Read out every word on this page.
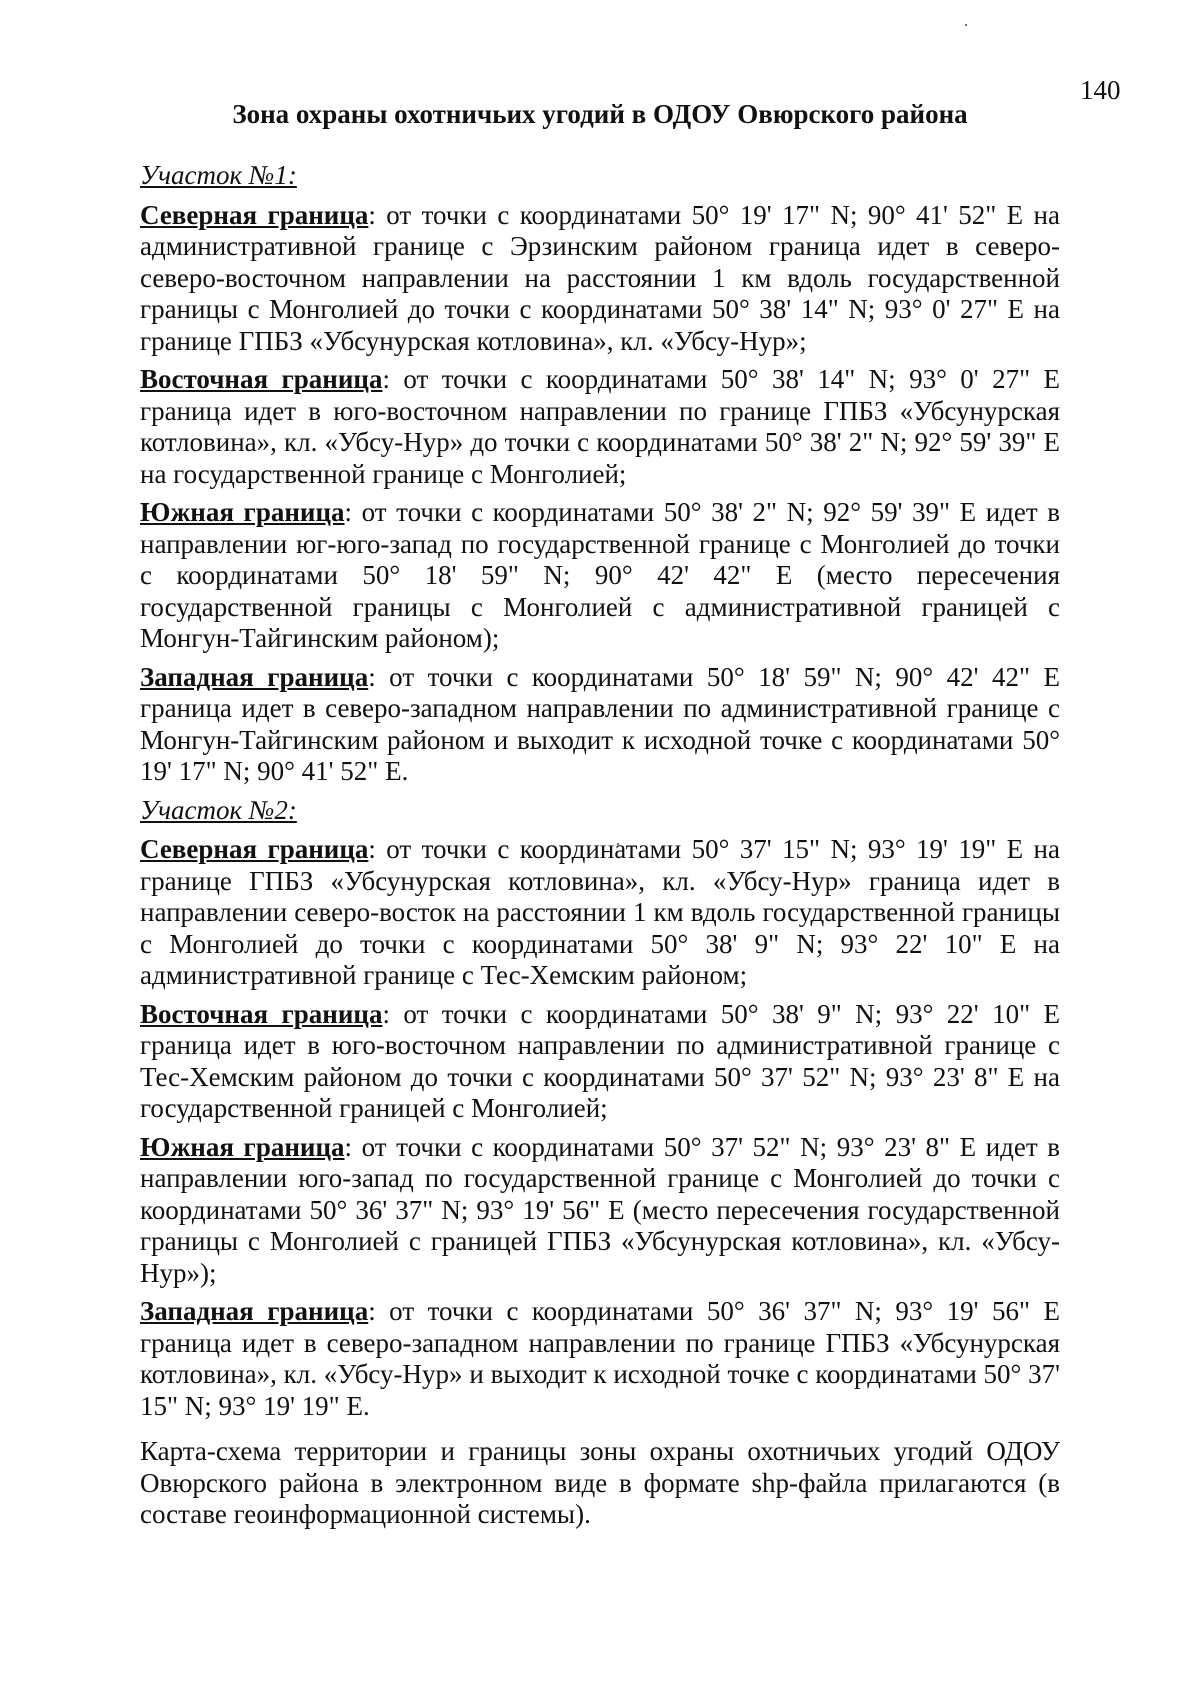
140
Зона охраны охотничьих угодий в ОДОУ Овюрского района

Участок №1:

Северная граница: от точки с координатами 50° 19' 17" N; 90° 41' 52" Е на административной границе с Эрзинским районом граница идет в северо-северо-восточном направлении на расстоянии 1 км вдоль государственной границы с Монголией до точки с координатами 50° 38' 14" N; 93° 0' 27" Е на границе ГПБЗ «Убсунурская котловина», кл. «Убсу-Нур»;

Восточная граница: от точки с координатами 50° 38' 14" N; 93° 0' 27" Е граница идет в юго-восточном направлении по границе ГПБЗ «Убсунурская котловина», кл. «Убсу-Нур» до точки с координатами 50° 38' 2" N; 92° 59' 39" Е на государственной границе с Монголией;

Южная граница: от точки с координатами 50° 38' 2" N; 92° 59' 39" Е идет в направлении юг-юго-запад по государственной границе с Монголией до точки с координатами 50° 18' 59" N; 90° 42' 42" Е (место пересечения государственной границы с Монголией с административной границей с Монгун-Тайгинским районом);

Западная граница: от точки с координатами 50° 18' 59" N; 90° 42' 42" Е граница идет в северо-западном направлении по административной границе с Монгун-Тайгинским районом и выходит к исходной точке с координатами 50° 19' 17" N; 90° 41' 52" Е.

Участок №2:

Северная граница: от точки с координатами 50° 37' 15" N; 93° 19' 19" Е на границе ГПБЗ «Убсунурская котловина», кл. «Убсу-Нур» граница идет в направлении северо-восток на расстоянии 1 км вдоль государственной границы с Монголией до точки с координатами 50° 38' 9" N; 93° 22' 10" Е на административной границе с Тес-Хемским районом;

Восточная граница: от точки с координатами 50° 38' 9" N; 93° 22' 10" Е граница идет в юго-восточном направлении по административной границе с Тес-Хемским районом до точки с координатами 50° 37' 52" N; 93° 23' 8" Е на государственной границей с Монголией;

Южная граница: от точки с координатами 50° 37' 52" N; 93° 23' 8" Е идет в направлении юго-запад по государственной границе с Монголией до точки с координатами 50° 36' 37" N; 93° 19' 56" Е (место пересечения государственной границы с Монголией с границей ГПБЗ «Убсунурская котловина», кл. «Убсу-Нур»);

Западная граница: от точки с координатами 50° 36' 37" N; 93° 19' 56" Е граница идет в северо-западном направлении по границе ГПБЗ «Убсунурская котловина», кл. «Убсу-Нур» и выходит к исходной точке с координатами 50° 37' 15" N; 93° 19' 19" Е.

Карта-схема территории и границы зоны охраны охотничьих угодий ОДОУ Овюрского района в электронном виде в формате shp-файла прилагаются (в составе геоинформационной системы).
